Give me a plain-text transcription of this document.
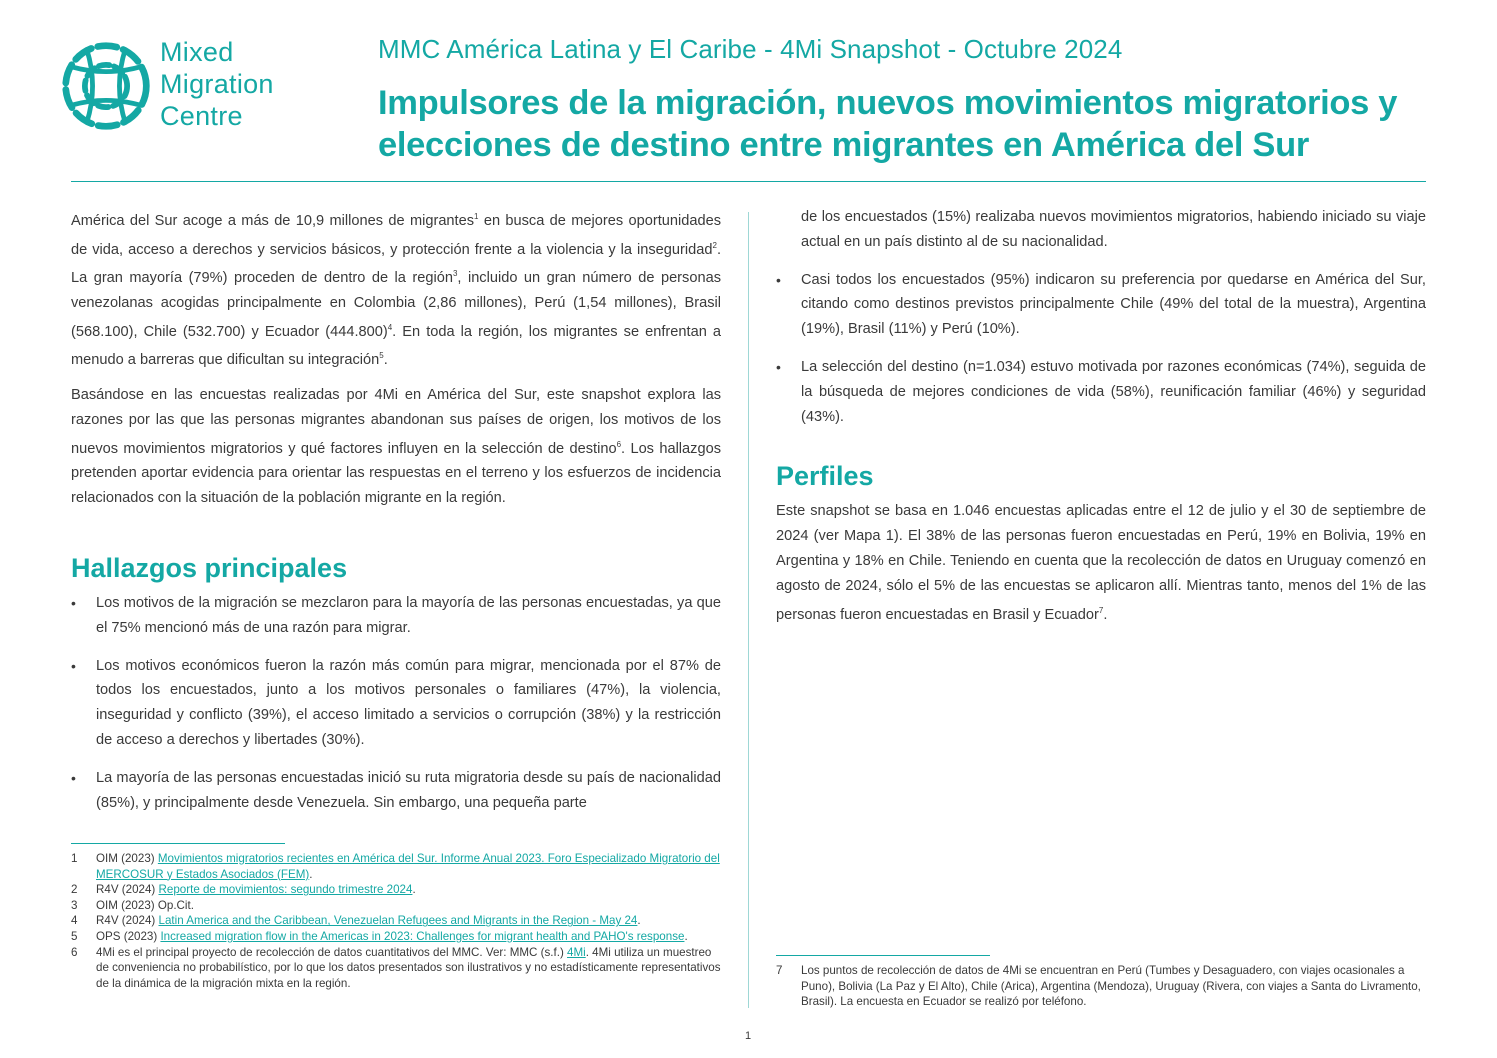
Mixed
Migration
Centre
MMC América Latina y El Caribe - 4Mi Snapshot - Octubre 2024
Impulsores de la migración, nuevos movimientos migratorios y elecciones de destino entre migrantes en América del Sur

América del Sur acoge a más de 10,9 millones de migrantes$^1$ en busca de mejores oportunidades de vida, acceso a derechos y servicios básicos, y protección frente a la violencia y la inseguridad$^2$. La gran mayoría (79%) proceden de dentro de la región$^3$, incluido un gran número de personas venezolanas acogidas principalmente en Colombia (2,86 millones), Perú (1,54 millones), Brasil (568.100), Chile (532.700) y Ecuador $(444.800)^4$. En toda la región, los migrantes se enfrentan a menudo a barreras que dificultan su integración$^5$.

Basándose en las encuestas realizadas por 4Mi en América del Sur, este snapshot explora las razones por las que las personas migrantes abandonan sus países de origen, los motivos de los nuevos movimientos migratorios y qué factores influyen en la selección de destino$^6$. Los hallazgos pretenden aportar evidencia para orientar las respuestas en el terreno y los esfuerzos de incidencia relacionados con la situación de la población migrante en la región.

Hallazgos principales
• Los motivos de la migración se mezclaron para la mayoría de las personas encuestadas, ya que el 75% mencionó más de una razón para migrar.
• Los motivos económicos fueron la razón más común para migrar, mencionada por el 87% de todos los encuestados, junto a los motivos personales o familiares (47%), la violencia, inseguridad y conflicto (39%), el acceso limitado a servicios o corrupción (38%) y la restricción de acceso a derechos y libertades (30%).
• La mayoría de las personas encuestadas inició su ruta migratoria desde su país de nacionalidad (85%), y principalmente desde Venezuela. Sin embargo, una pequeña parte
de los encuestados (15%) realizaba nuevos movimientos migratorios, habiendo iniciado su viaje actual en un país distinto al de su nacionalidad.
• Casi todos los encuestados (95%) indicaron su preferencia por quedarse en América del Sur, citando como destinos previstos principalmente Chile (49% del total de la muestra), Argentina (19%), Brasil (11%) y Perú (10%).
• La selección del destino (n=1.034) estuvo motivada por razones económicas (74%), seguida de la búsqueda de mejores condiciones de vida (58%), reunificación familiar (46%) y seguridad (43%).
Perfiles

Este snapshot se basa en 1.046 encuestas aplicadas entre el 12 de julio y el 30 de septiembre de 2024 (ver Mapa 1). El 38% de las personas fueron encuestadas en Perú, 19% en Bolivia, 19% en Argentina y 18% en Chile. Teniendo en cuenta que la recolección de datos en Uruguay comenzó en agosto de 2024, sólo el 5% de las encuestas se aplicaron allí. Mientras tanto, menos del 1% de las personas fueron encuestadas en Brasil y Ecuador$^7$.

1	OIM (2023) Movimientos migratorios recientes en América del Sur. Informe Anual 2023. Foro Especializado Migratorio del MERCOSUR y Estados Asociados (FEM).
2	R4V (2024) Reporte de movimientos: segundo trimestre 2024.
3	OIM (2023) Op.Cit.
4	R4V (2024) Latin America and the Caribbean, Venezuelan Refugees and Migrants in the Region - May 24.
5	OPS (2023) Increased migration flow in the Americas in 2023: Challenges for migrant health and PAHO's response.
6	4Mi es el principal proyecto de recolección de datos cuantitativos del MMC. Ver: MMC (s.f.) 4Mi. 4Mi utiliza un muestreo de conveniencia no probabilístico, por lo que los datos presentados son ilustrativos y no estadísticamente representativos de la dinámica de la migración mixta en la región.
7	Los puntos de recolección de datos de 4Mi se encuentran en Perú (Tumbes y Desaguadero, con viajes ocasionales a Puno), Bolivia (La Paz y El Alto), Chile (Arica), Argentina (Mendoza), Uruguay (Rivera, con viajes a Santa do Livramento, Brasil). La encuesta en Ecuador se realizó por teléfono.
1
